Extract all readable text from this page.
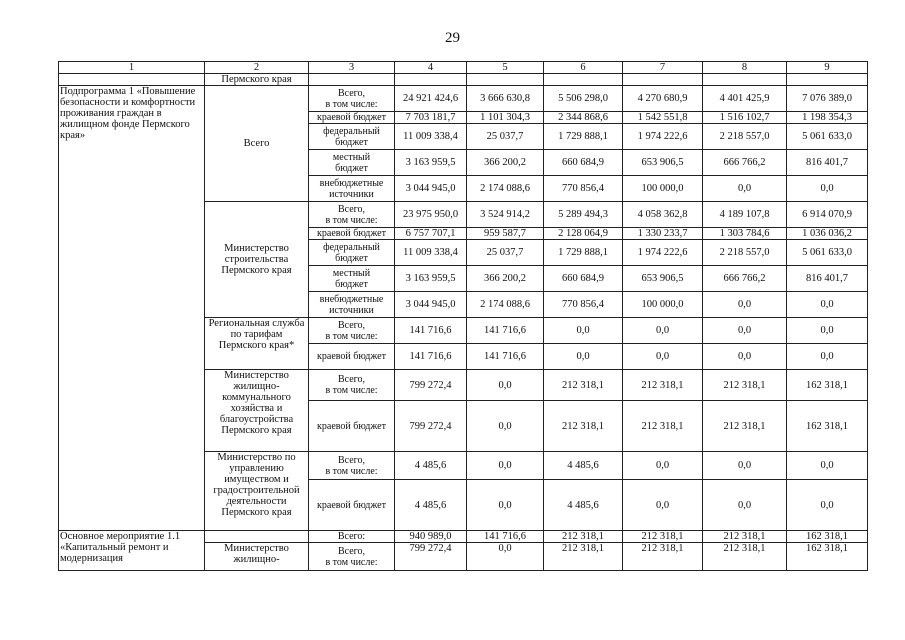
29
1	2	3	4	5	6	7	8	9
	Пермского края							
Подпрограмма 1 «Повышение безопасности и комфортности проживания граждан в жилищном фонде Пермского края»	Всего	Всего,
в том числе:	24 921 424,6	3 666 630,8	5 506 298,0	4 270 680,9	4 401 425,9	7 076 389,0
		краевой бюджет	7 703 181,7	1 101 304,3	2 344 868,6	1 542 551,8	1 516 102,7	1 198 354,3
		федеральный
бюджет	11 009 338,4	25 037,7	1 729 888,1	1 974 222,6	2 218 557,0	5 061 633,0
		местный
бюджет	3 163 959,5	366 200,2	660 684,9	653 906,5	666 766,2	816 401,7
		внебюджетные
источники	3 044 945,0	2 174 088,6	770 856,4	100 000,0	0,0	0,0
	Министерство строительства Пермского края	Всего,
в том числе:	23 975 950,0	3 524 914,2	5 289 494,3	4 058 362,8	4 189 107,8	6 914 070,9
		краевой бюджет	6 757 707,1	959 587,7	2 128 064,9	1 330 233,7	1 303 784,6	1 036 036,2
		федеральный
бюджет	11 009 338,4	25 037,7	1 729 888,1	1 974 222,6	2 218 557,0	5 061 633,0
		местный
бюджет	3 163 959,5	366 200,2	660 684,9	653 906,5	666 766,2	816 401,7
		внебюджетные
источники	3 044 945,0	2 174 088,6	770 856,4	100 000,0	0,0	0,0
	Региональная служба по тарифам Пермского края*	Всего,
в том числе:	141 716,6	141 716,6	0,0	0,0	0,0	0,0
		краевой бюджет	141 716,6	141 716,6	0,0	0,0	0,0	0,0
	Министерство жилищно-коммунального хозяйства и благоустройства Пермского края	Всего,
в том числе:	799 272,4	0,0	212 318,1	212 318,1	212 318,1	162 318,1
		краевой бюджет	799 272,4	0,0	212 318,1	212 318,1	212 318,1	162 318,1
	Министерство по управлению имуществом и градостроительной деятельности Пермского края	Всего,
в том числе:	4 485,6	0,0	4 485,6	0,0	0,0	0,0
		краевой бюджет	4 485,6	0,0	4 485,6	0,0	0,0	0,0
Основное мероприятие 1.1 «Капитальный ремонт и модернизация		Всего:	940 989,0	141 716,6	212 318,1	212 318,1	212 318,1	162 318,1
	Министерство жилищно-	Всего,
в том числе:	799 272,4	0,0	212 318,1	212 318,1	212 318,1	162 318,1
